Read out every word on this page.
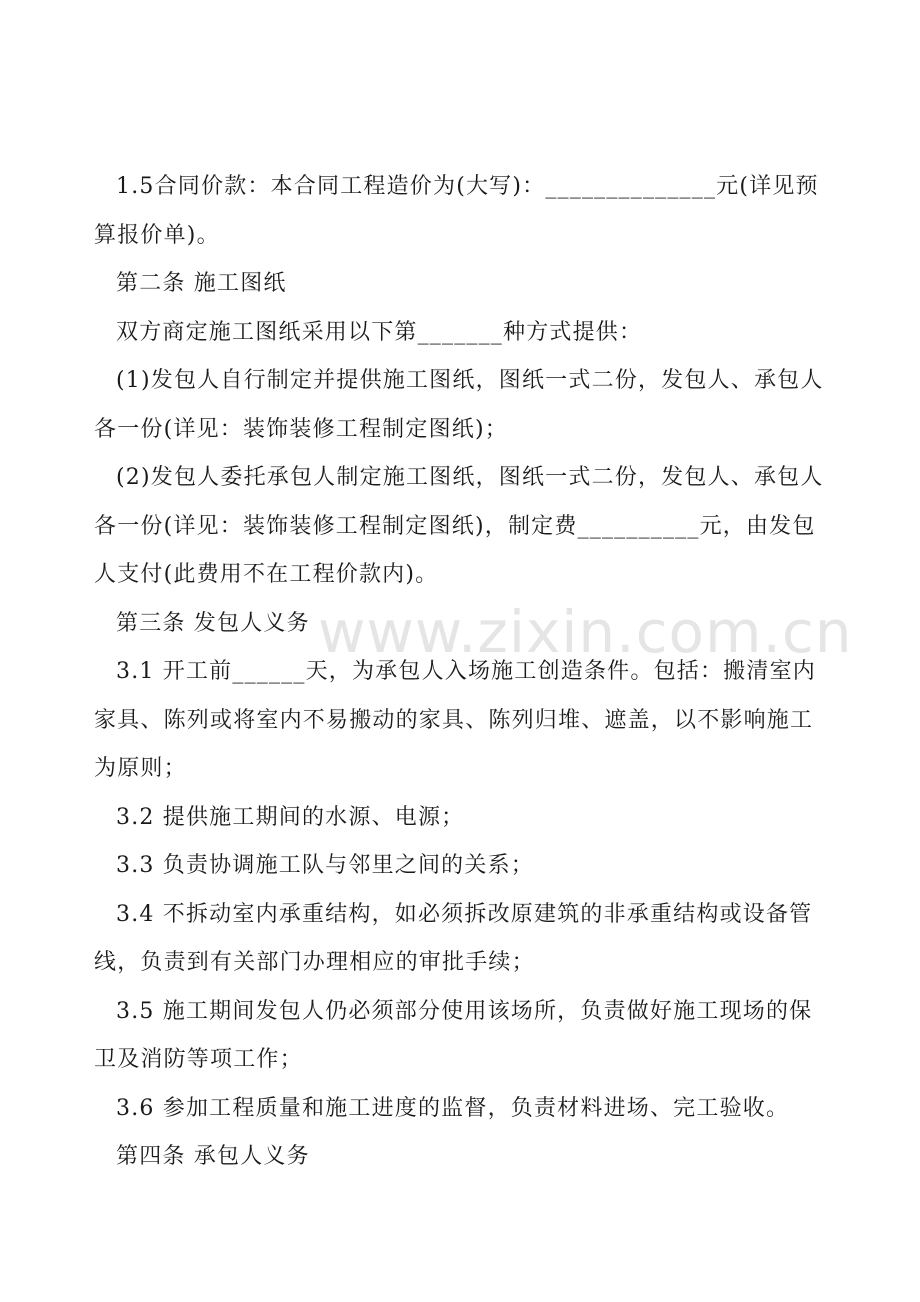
1.5合同价款：本合同工程造价为(大写)：______________元(详见预算报价单)。

第二条 施工图纸

双方商定施工图纸采用以下第_______种方式提供：

(1)发包人自行制定并提供施工图纸，图纸一式二份，发包人、承包人各一份(详见：装饰装修工程制定图纸)；

(2)发包人委托承包人制定施工图纸，图纸一式二份，发包人、承包人各一份(详见：装饰装修工程制定图纸)，制定费__________元，由发包人支付(此费用不在工程价款内)。

第三条 发包人义务

3.1 开工前______天，为承包人入场施工创造条件。包括：搬清室内家具、陈列或将室内不易搬动的家具、陈列归堆、遮盖，以不影响施工为原则；

3.2 提供施工期间的水源、电源；

3.3 负责协调施工队与邻里之间的关系；

3.4 不拆动室内承重结构，如必须拆改原建筑的非承重结构或设备管线，负责到有关部门办理相应的审批手续；

3.5 施工期间发包人仍必须部分使用该场所，负责做好施工现场的保卫及消防等项工作；

3.6 参加工程质量和施工进度的监督，负责材料进场、完工验收。

第四条 承包人义务

www.zixin.com.cn
